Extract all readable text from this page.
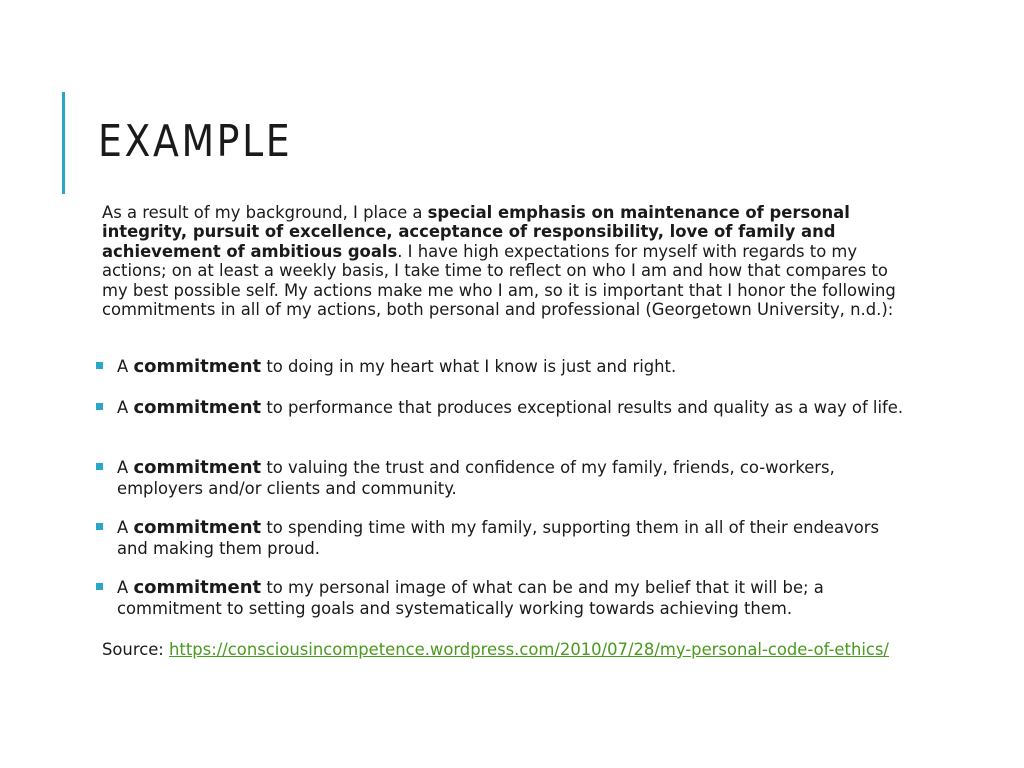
EXAMPLE

As a result of my background, I place a special emphasis on maintenance of personal integrity, pursuit of excellence, acceptance of responsibility, love of family and achievement of ambitious goals. I have high expectations for myself with regards to my actions; on at least a weekly basis, I take time to reflect on who I am and how that compares to my best possible self. My actions make me who I am, so it is important that I honor the following commitments in all of my actions, both personal and professional (Georgetown University, n.d.):

A commitment to doing in my heart what I know is just and right.
A commitment to performance that produces exceptional results and quality as a way of life.
A commitment to valuing the trust and confidence of my family, friends, co-workers, employers and/or clients and community.
A commitment to spending time with my family, supporting them in all of their endeavors and making them proud.
A commitment to my personal image of what can be and my belief that it will be; a commitment to setting goals and systematically working towards achieving them.

Source: https://consciousincompetence.wordpress.com/2010/07/28/my-personal-code-of-ethics/
